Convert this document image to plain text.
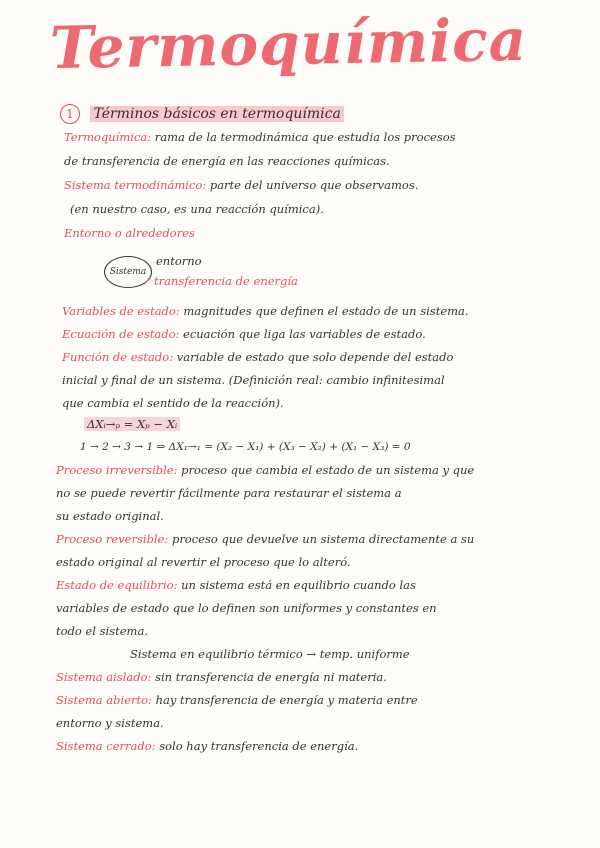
Termoquímica
1 Términos básicos en termoquímica
Termoquímica: rama de la termodinámica que estudia los procesos
de transferencia de energía en las reacciones químicas.
Sistema termodinámico: parte del universo que observamos.
(en nuestro caso, es una reacción química).
Entorno o alrededores
Sistema
entorno
↗ transferencia de energía
Variables de estado: magnitudes que definen el estado de un sistema.
Ecuación de estado: ecuación que liga las variables de estado.
Función de estado: variable de estado que solo depende del estado
inicial y final de un sistema. (Definición real: cambio infinitesimal
que cambia el sentido de la reacción).
ΔXᵢ→ₚ = Xₚ − Xᵢ
1 → 2 → 3 → 1 ⇒ ΔX₁→₁ = (X₂ − X₁) + (X₃ − X₂) + (X₁ − X₃) = 0
Proceso irreversible: proceso que cambia el estado de un sistema y que
no se puede revertir fácilmente para restaurar el sistema a
su estado original.
Proceso reversible: proceso que devuelve un sistema directamente a su
estado original al revertir el proceso que lo alteró.
Estado de equilibrio: un sistema está en equilibrio cuando las
variables de estado que lo definen son uniformes y constantes en
todo el sistema.
Sistema en equilibrio térmico → temp. uniforme
Sistema aislado: sin transferencia de energía ni materia.
Sistema abierto: hay transferencia de energía y materia entre
entorno y sistema.
Sistema cerrado: solo hay transferencia de energía.
